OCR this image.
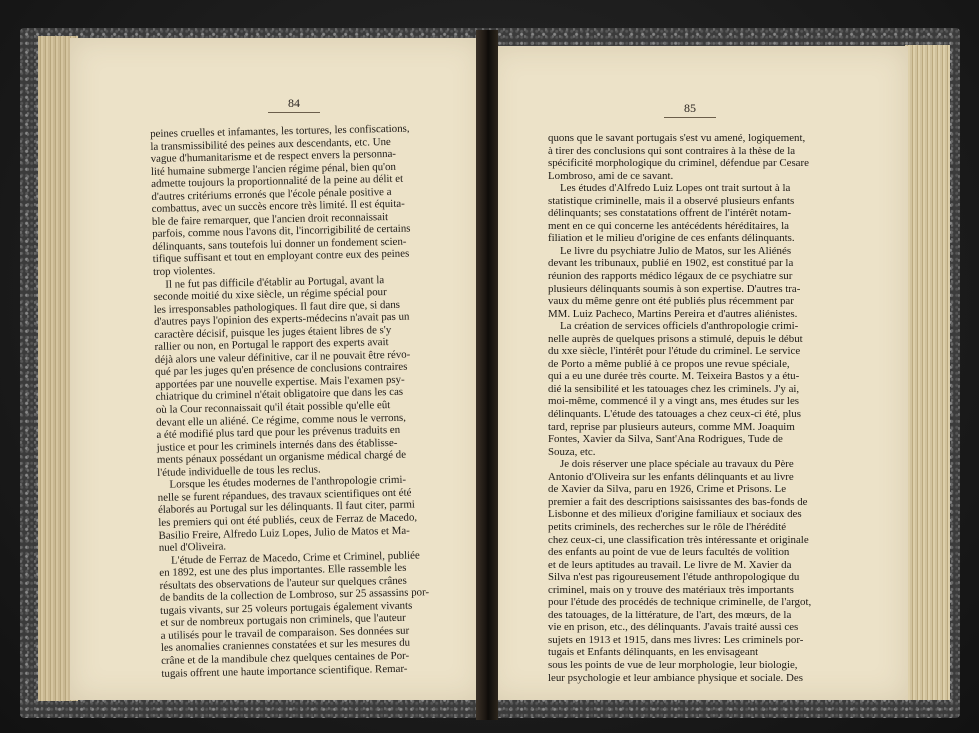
84	85
peines cruelles et infamantes, les tortures, les confiscations,
la transmissibilité des peines aux descendants, etc. Une
vague d'humanitarisme et de respect envers la personna-
lité humaine submerge l'ancien régime pénal, bien qu'on
admette toujours la proportionnalité de la peine au délit et
d'autres critériums erronés que l'école pénale positive a
combattus, avec un succès encore très limité. Il est équita-
ble de faire remarquer, que l'ancien droit reconnaissait
parfois, comme nous l'avons dit, l'incorrigibilité de certains
délinquants, sans toutefois lui donner un fondement scien-
tifique suffisant et tout en employant contre eux des peines
trop violentes.
Il ne fut pas difficile d'établir au Portugal, avant la
seconde moitié du xixe siècle, un régime spécial pour
les irresponsables pathologiques. Il faut dire que, si dans
d'autres pays l'opinion des experts-médecins n'avait pas un
caractère décisif, puisque les juges étaient libres de s'y
rallier ou non, en Portugal le rapport des experts avait
déjà alors une valeur définitive, car il ne pouvait être révo-
qué par les juges qu'en présence de conclusions contraires
apportées par une nouvelle expertise. Mais l'examen psy-
chiatrique du criminel n'était obligatoire que dans les cas
où la Cour reconnaissait qu'il était possible qu'elle eût
devant elle un aliéné. Ce régime, comme nous le verrons,
a été modifié plus tard que pour les prévenus traduits en
justice et pour les criminels internés dans des établisse-
ments pénaux possédant un organisme médical chargé de
l'étude individuelle de tous les reclus.
Lorsque les études modernes de l'anthropologie crimi-
nelle se furent répandues, des travaux scientifiques ont été
élaborés au Portugal sur les délinquants. Il faut citer, parmi
les premiers qui ont été publiés, ceux de Ferraz de Macedo,
Basilio Freire, Alfredo Luiz Lopes, Julio de Matos et Ma-
nuel d'Oliveira.
L'étude de Ferraz de Macedo, Crime et Criminel, publiée
en 1892, est une des plus importantes. Elle rassemble les
résultats des observations de l'auteur sur quelques crânes
de bandits de la collection de Lombroso, sur 25 assassins por-
tugais vivants, sur 25 voleurs portugais également vivants
et sur de nombreux portugais non criminels, que l'auteur
a utilisés pour le travail de comparaison. Ses données sur
les anomalies craniennes constatées et sur les mesures du
crâne et de la mandibule chez quelques centaines de Por-
tugais offrent une haute importance scientifique. Remar-
quons que le savant portugais s'est vu amené, logiquement,
à tirer des conclusions qui sont contraires à la thèse de la
spécificité morphologique du criminel, défendue par Cesare
Lombroso, ami de ce savant.
Les études d'Alfredo Luiz Lopes ont trait surtout à la
statistique criminelle, mais il a observé plusieurs enfants
délinquants; ses constatations offrent de l'intérêt notam-
ment en ce qui concerne les antécédents héréditaires, la
filiation et le milieu d'origine de ces enfants délinquants.
Le livre du psychiatre Julio de Matos, sur les Aliénés
devant les tribunaux, publié en 1902, est constitué par la
réunion des rapports médico légaux de ce psychiatre sur
plusieurs délinquants soumis à son expertise. D'autres tra-
vaux du même genre ont été publiés plus récemment par
MM. Luiz Pacheco, Martins Pereira et d'autres aliénistes.
La création de services officiels d'anthropologie crimi-
nelle auprès de quelques prisons a stimulé, depuis le début
du xxe siècle, l'intérêt pour l'étude du criminel. Le service
de Porto a même publié à ce propos une revue spéciale,
qui a eu une durée très courte. M. Teixeira Bastos y a étu-
dié la sensibilité et les tatouages chez les criminels. J'y ai,
moi-même, commencé il y a vingt ans, mes études sur les
délinquants. L'étude des tatouages a chez ceux-ci été, plus
tard, reprise par plusieurs auteurs, comme MM. Joaquim
Fontes, Xavier da Silva, Sant'Ana Rodrigues, Tude de
Souza, etc.
Je dois réserver une place spéciale au travaux du Père
Antonio d'Oliveira sur les enfants délinquants et au livre
de Xavier da Silva, paru en 1926, Crime et Prisons. Le
premier a fait des descriptions saisissantes des bas-fonds de
Lisbonne et des milieux d'origine familiaux et sociaux des
petits criminels, des recherches sur le rôle de l'hérédité
chez ceux-ci, une classification très intéressante et originale
des enfants au point de vue de leurs facultés de volition
et de leurs aptitudes au travail. Le livre de M. Xavier da
Silva n'est pas rigoureusement l'étude anthropologique du
criminel, mais on y trouve des matériaux très importants
pour l'étude des procédés de technique criminelle, de l'argot,
des tatouages, de la littérature, de l'art, des mœurs, de la
vie en prison, etc., des délinquants. J'avais traité aussi ces
sujets en 1913 et 1915, dans mes livres: Les criminels por-
tugais et Enfants délinquants, en les envisageant
sous les points de vue de leur morphologie, leur biologie,
leur psychologie et leur ambiance physique et sociale. Des
